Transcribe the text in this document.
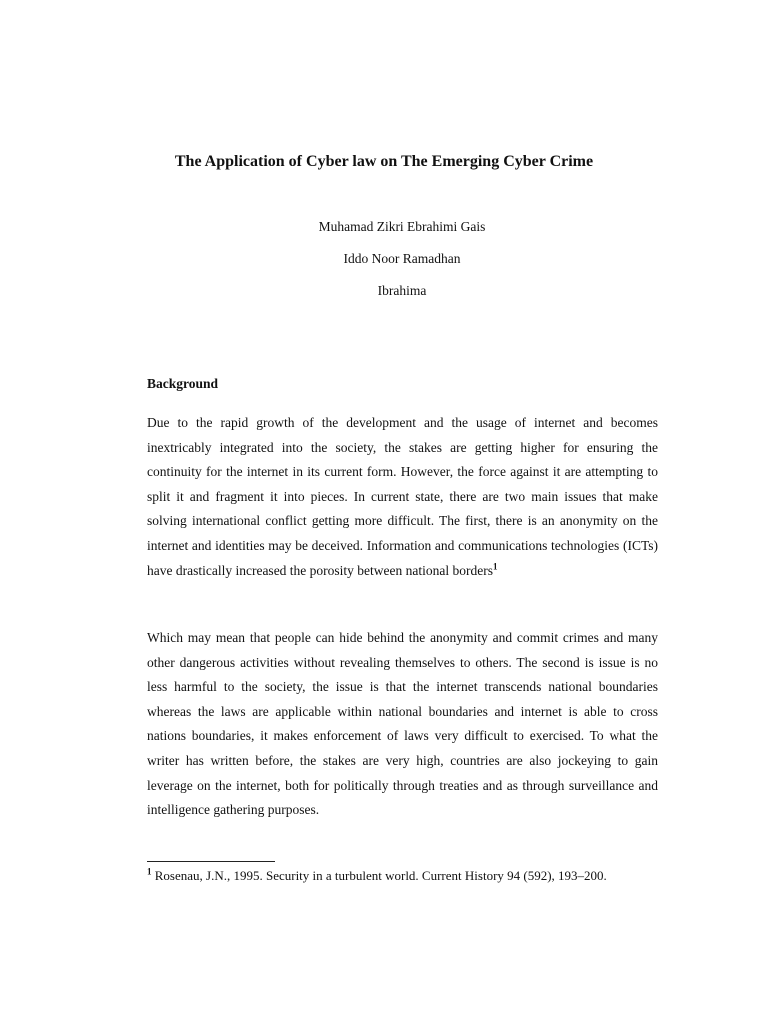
The Application of Cyber law on The Emerging Cyber Crime
Muhamad Zikri Ebrahimi Gais
Iddo Noor Ramadhan
Ibrahima
Background

Due to the rapid growth of the development and the usage of internet and becomes inextricably integrated into the society, the stakes are getting higher for ensuring the continuity for the internet in its current form. However, the force against it are attempting to split it and fragment it into pieces. In current state, there are two main issues that make solving international conflict getting more difficult. The first, there is an anonymity on the internet and identities may be deceived. Information and communications technologies (ICTs) have drastically increased the porosity between national borders$^1$

Which may mean that people can hide behind the anonymity and commit crimes and many other dangerous activities without revealing themselves to others. The second is issue is no less harmful to the society, the issue is that the internet transcends national boundaries whereas the laws are applicable within national boundaries and internet is able to cross nations boundaries, it makes enforcement of laws very difficult to exercised. To what the writer has written before, the stakes are very high, countries are also jockeying to gain leverage on the internet, both for politically through treaties and as through surveillance and intelligence gathering purposes.

$^1$ Rosenau, J.N., 1995. Security in a turbulent world. Current History 94 (592), 193–200.
